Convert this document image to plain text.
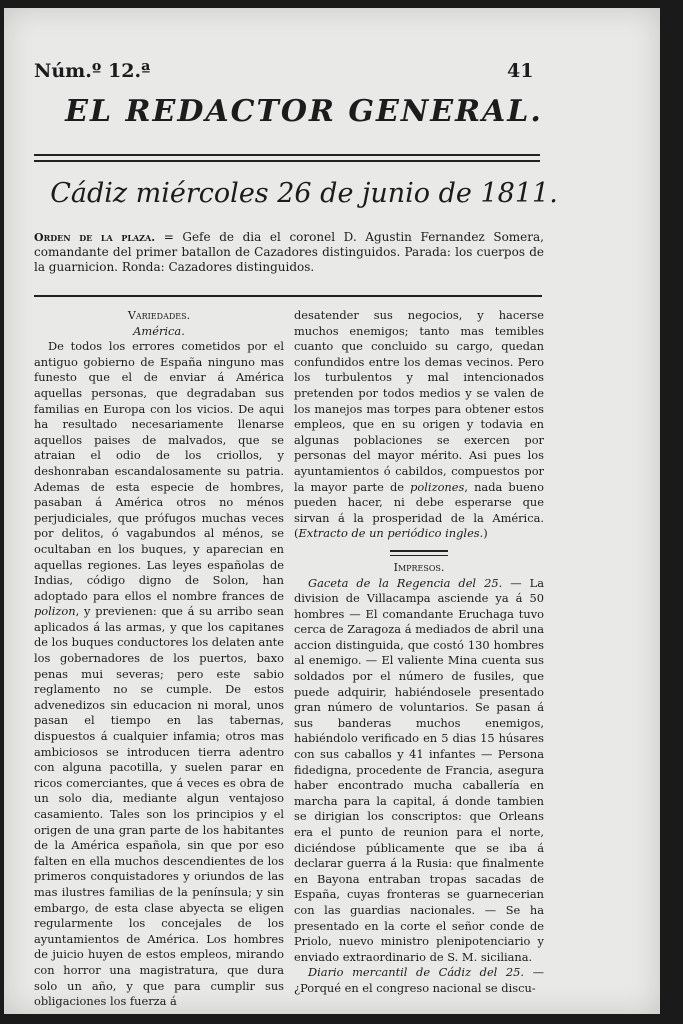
Núm.º 12.ª	41
EL REDACTOR GENERAL.
Cádiz miércoles 26 de junio de 1811.
Orden de la plaza. = Gefe de dia el coronel D. Agustin Fernandez Somera, comandante del primer batallon de Cazadores distinguidos. Parada: los cuerpos de la guarnicion. Ronda: Cazadores distinguidos.

Variedades.

América.

De todos los errores cometidos por el antiguo gobierno de España ninguno mas funesto que el de enviar á América aquellas personas, que degradaban sus familias en Europa con los vicios. De aqui ha resultado necesariamente llenarse aquellos paises de malvados, que se atraian el odio de los criollos, y deshonraban escandalosamente su patria. Ademas de esta especie de hombres, pasaban á América otros no ménos perjudiciales, que prófugos muchas veces por delitos, ó vagabundos al ménos, se ocultaban en los buques, y aparecian en aquellas regiones. Las leyes españolas de Indias, código digno de Solon, han adoptado para ellos el nombre frances de polizon, y previenen: que á su arribo sean aplicados á las armas, y que los capitanes de los buques conductores los delaten ante los gobernadores de los puertos, baxo penas mui severas; pero este sabio reglamento no se cumple. De estos advenedizos sin educacion ni moral, unos pasan el tiempo en las tabernas, dispuestos á cualquier infamia; otros mas ambiciosos se introducen tierra adentro con alguna pacotilla, y suelen parar en ricos comerciantes, que á veces es obra de un solo dia, mediante algun ventajoso casamiento. Tales son los principios y el origen de una gran parte de los habitantes de la América española, sin que por eso falten en ella muchos descendientes de los primeros conquistadores y oriundos de las mas ilustres familias de la península; y sin embargo, de esta clase abyecta se eligen regularmente los concejales de los ayuntamientos de América. Los hombres de juicio huyen de estos empleos, mirando con horror una magistratura, que dura solo un año, y que para cumplir sus obligaciones los fuerza á

desatender sus negocios, y hacerse muchos enemigos; tanto mas temibles cuanto que concluido su cargo, quedan confundidos entre los demas vecinos. Pero los turbulentos y mal intencionados pretenden por todos medios y se valen de los manejos mas torpes para obtener estos empleos, que en su origen y todavia en algunas poblaciones se exercen por personas del mayor mérito. Asi pues los ayuntamientos ó cabildos, compuestos por la mayor parte de polizones, nada bueno pueden hacer, ni debe esperarse que sirvan á la prosperidad de la América. (Extracto de un periódico ingles.)

Impresos.

Gaceta de la Regencia del 25. — La division de Villacampa asciende ya á 50 hombres — El comandante Eruchaga tuvo cerca de Zaragoza á mediados de abril una accion distinguida, que costó 130 hombres al enemigo. — El valiente Mina cuenta sus soldados por el número de fusiles, que puede adquirir, habiéndosele presentado gran número de voluntarios. Se pasan á sus banderas muchos enemigos, habiéndolo verificado en 5 dias 15 húsares con sus caballos y 41 infantes — Persona fidedigna, procedente de Francia, asegura haber encontrado mucha caballería en marcha para la capital, á donde tambien se dirigian los conscriptos: que Orleans era el punto de reunion para el norte, diciéndose públicamente que se iba á declarar guerra á la Rusia: que finalmente en Bayona entraban tropas sacadas de España, cuyas fronteras se guarnecerian con las guardias nacionales. — Se ha presentado en la corte el señor conde de Priolo, nuevo ministro plenipotenciario y enviado extraordinario de S. M. siciliana.

Diario mercantil de Cádiz del 25. — ¿Porqué en el congreso nacional se discu-
